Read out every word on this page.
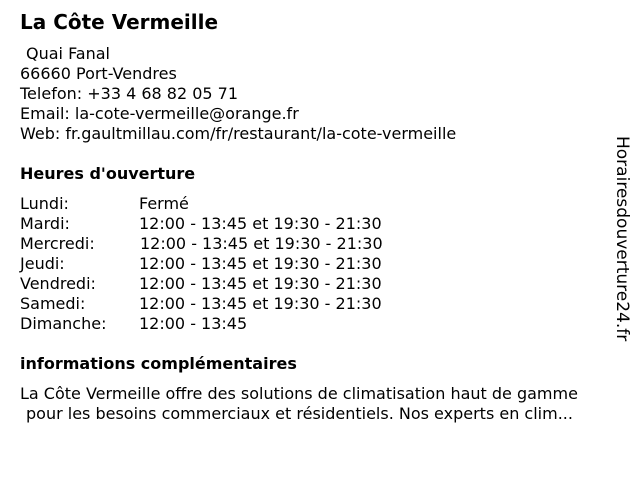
La Côte Vermeille
Quai Fanal
66660 Port-Vendres
Telefon: +33 4 68 82 05 71
Email: la-cote-vermeille@orange.fr
Web: fr.gaultmillau.com/fr/restaurant/la-cote-vermeille
Heures d'ouverture
Lundi:	Fermé
Mardi:	12:00 - 13:45 et 19:30 - 21:30
Mercredi:	12:00 - 13:45 et 19:30 - 21:30
Jeudi:	12:00 - 13:45 et 19:30 - 21:30
Vendredi:	12:00 - 13:45 et 19:30 - 21:30
Samedi:	12:00 - 13:45 et 19:30 - 21:30
Dimanche:	12:00 - 13:45
informations complémentaires
La Côte Vermeille offre des solutions de climatisation haut de gamme
pour les besoins commerciaux et résidentiels. Nos experts en clim...
Horairesdouverture24.fr
